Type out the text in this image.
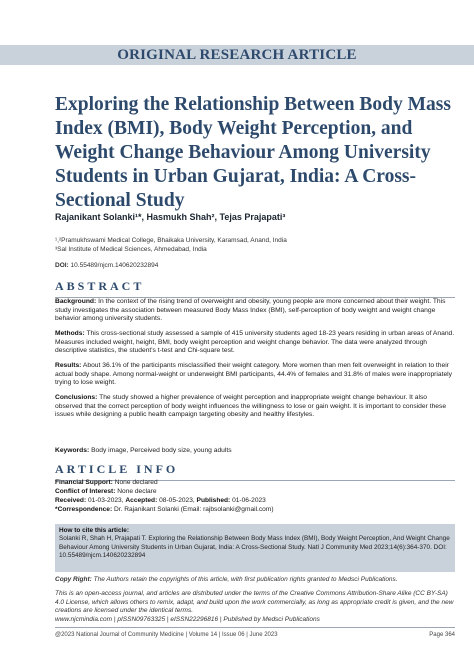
ORIGINAL RESEARCH ARTICLE
Exploring the Relationship Between Body Mass Index (BMI), Body Weight Perception, and Weight Change Behaviour Among University Students in Urban Gujarat, India: A Cross-Sectional Study

Rajanikant Solanki¹*, Hasmukh Shah², Tejas Prajapati³

¹,²Pramukhswami Medical College, Bhaikaka University, Karamsad, Anand, India
³Sal Institute of Medical Sciences, Ahmedabad, India
DOI: 10.55489/njcm.140620232894
ABSTRACT

Background: In the context of the rising trend of overweight and obesity, young people are more concerned about their weight. This study investigates the association between measured Body Mass Index (BMI), self-perception of body weight and weight change behavior among university students.

Methods: This cross-sectional study assessed a sample of 415 university students aged 18-23 years residing in urban areas of Anand. Measures included weight, height, BMI, body weight perception and weight change behavior. The data were analyzed through descriptive statistics, the student's t-test and Chi-square test.

Results: About 36.1% of the participants misclassified their weight category. More women than men felt overweight in relation to their actual body shape. Among normal-weight or underweight BMI participants, 44.4% of females and 31.8% of males were inappropriately trying to lose weight.

Conclusions: The study showed a higher prevalence of weight perception and inappropriate weight change behaviour. It also observed that the correct perception of body weight influences the willingness to lose or gain weight. It is important to consider these issues while designing a public health campaign targeting obesity and healthy lifestyles.

Keywords: Body image, Perceived body size, young adults

ARTICLE INFO
Financial Support: None declared
Conflict of Interest: None declare
Received: 01-03-2023, Accepted: 08-05-2023, Published: 01-06-2023
*Correspondence: Dr. Rajanikant Solanki (Email: rajbsolanki@gmail.com)
How to cite this article:
Solanki R, Shah H, Prajapati T. Exploring the Relationship Between Body Mass Index (BMI), Body Weight Perception, And Weight Change Behaviour Among University Students in Urban Gujarat, India: A Cross-Sectional Study. Natl J Community Med 2023;14(6):364-370. DOI: 10.55489/njcm.140620232894
Copy Right: The Authors retain the copyrights of this article, with first publication rights granted to Medsci Publications.
This is an open-access journal, and articles are distributed under the terms of the Creative Commons Attribution-Share Alike (CC BY-SA) 4.0 License, which allows others to remix, adapt, and build upon the work commercially, as long as appropriate credit is given, and the new creations are licensed under the identical terms.
www.njcmindia.com | pISSN09763325 | eISSN22296816 | Published by Medsci Publications
@2023 National Journal of Community Medicine | Volume 14 | Issue 06 | June 2023	Page 364
